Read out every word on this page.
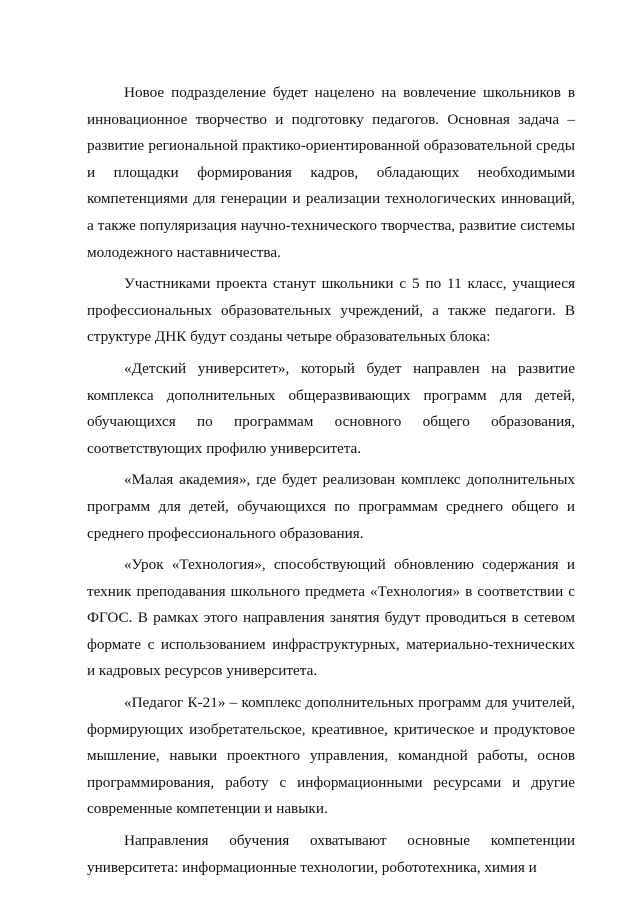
Новое подразделение будет нацелено на вовлечение школьников в инновационное творчество и подготовку педагогов. Основная задача – развитие региональной практико-ориентированной образовательной среды и площадки формирования кадров, обладающих необходимыми компетенциями для генерации и реализации технологических инноваций, а также популяризация научно-технического творчества, развитие системы молодежного наставничества.

Участниками проекта станут школьники с 5 по 11 класс, учащиеся профессиональных образовательных учреждений, а также педагоги. В структуре ДНК будут созданы четыре образовательных блока:

«Детский университет», который будет направлен на развитие комплекса дополнительных общеразвивающих программ для детей, обучающихся по программам основного общего образования, соответствующих профилю университета.

«Малая академия», где будет реализован комплекс дополнительных программ для детей, обучающихся по программам среднего общего и среднего профессионального образования.

«Урок «Технология», способствующий обновлению содержания и техник преподавания школьного предмета «Технология» в соответствии с ФГОС. В рамках этого направления занятия будут проводиться в сетевом формате с использованием инфраструктурных, материально-технических и кадровых ресурсов университета.

«Педагог К-21» – комплекс дополнительных программ для учителей, формирующих изобретательское, креативное, критическое и продуктовое мышление, навыки проектного управления, командной работы, основ программирования, работу с информационными ресурсами и другие современные компетенции и навыки.

Направления обучения охватывают основные компетенции университета: информационные технологии, робототехника, химия и
